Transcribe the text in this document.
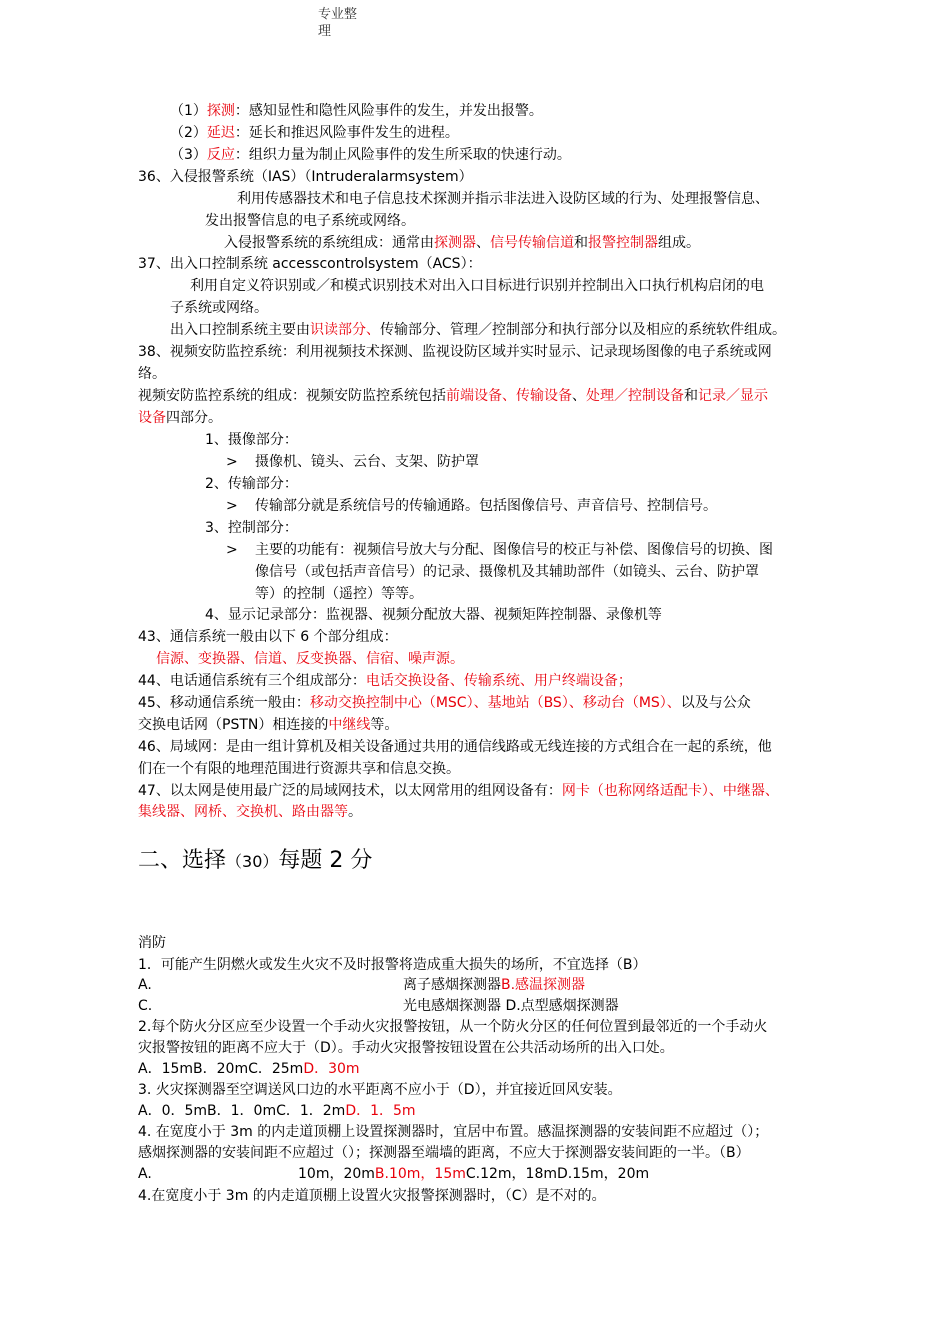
专业整
理
（1）探测：感知显性和隐性风险事件的发生，并发出报警。
（2）延迟：延长和推迟风险事件发生的进程。
（3）反应：组织力量为制止风险事件的发生所采取的快速行动。
36、入侵报警系统（IAS）（Intruderalarmsystem）
利用传感器技术和电子信息技术探测并指示非法进入设防区域的行为、处理报警信息、
发出报警信息的电子系统或网络。
入侵报警系统的系统组成：通常由探测器、信号传输信道和报警控制器组成。
37、出入口控制系统 accesscontrolsystem（ACS）：
利用自定义符识别或／和模式识别技术对出入口目标进行识别并控制出入口执行机构启闭的电
子系统或网络。
出入口控制系统主要由识读部分、传输部分、管理／控制部分和执行部分以及相应的系统软件组成。
38、视频安防监控系统：利用视频技术探测、监视设防区域并实时显示、记录现场图像的电子系统或网
络。
视频安防监控系统的组成：视频安防监控系统包括前端设备、传输设备、处理／控制设备和记录／显示
设备四部分。
1、摄像部分：
> 摄像机、镜头、云台、支架、防护罩
2、传输部分：
> 传输部分就是系统信号的传输通路。包括图像信号、声音信号、控制信号。
3、控制部分：
> 主要的功能有：视频信号放大与分配、图像信号的校正与补偿、图像信号的切换、图
像信号（或包括声音信号）的记录、摄像机及其辅助部件（如镜头、云台、防护罩
等）的控制（遥控）等等。
4、显示记录部分：监视器、视频分配放大器、视频矩阵控制器、录像机等
43、通信系统一般由以下 6 个部分组成：
信源、变换器、信道、反变换器、信宿、噪声源。
44、电话通信系统有三个组成部分：电话交换设备、传输系统、用户终端设备；
45、移动通信系统一般由：移动交换控制中心（MSC）、基地站（BS）、移动台（MS）、以及与公众
交换电话网（PSTN）相连接的中继线等。
46、局域网：是由一组计算机及相关设备通过共用的通信线路或无线连接的方式组合在一起的系统，他
们在一个有限的地理范围进行资源共享和信息交换。
47、以太网是使用最广泛的局域网技术，以太网常用的组网设备有：网卡（也称网络适配卡）、中继器、
集线器、网桥、交换机、路由器等。
二、选择（30）每题 2 分
消防
1．可能产生阴燃火或发生火灾不及时报警将造成重大损失的场所，不宜选择（B）
A.	离子感烟探测器B.感温探测器
C.	光电感烟探测器 D.点型感烟探测器
2.每个防火分区应至少设置一个手动火灾报警按钮，从一个防火分区的任何位置到最邻近的一个手动火
灾报警按钮的距离不应大于（D）。手动火灾报警按钮设置在公共活动场所的出入口处。
A．15mB．20mC．25mD．30m
3. 火灾探测器至空调送风口边的水平距离不应小于（D），并宜接近回风安装。
A．0．5mB．1．0mC．1．2mD．1．5m
4. 在宽度小于 3m 的内走道顶棚上设置探测器时，宜居中布置。感温探测器的安装间距不应超过（）；
感烟探测器的安装间距不应超过（）；探测器至端墙的距离，不应大于探测器安装间距的一半。（B）
A.	10m，20mB.10m，15mC.12m，18mD.15m，20m
4.在宽度小于 3m 的内走道顶棚上设置火灾报警探测器时，（C）是不对的。
